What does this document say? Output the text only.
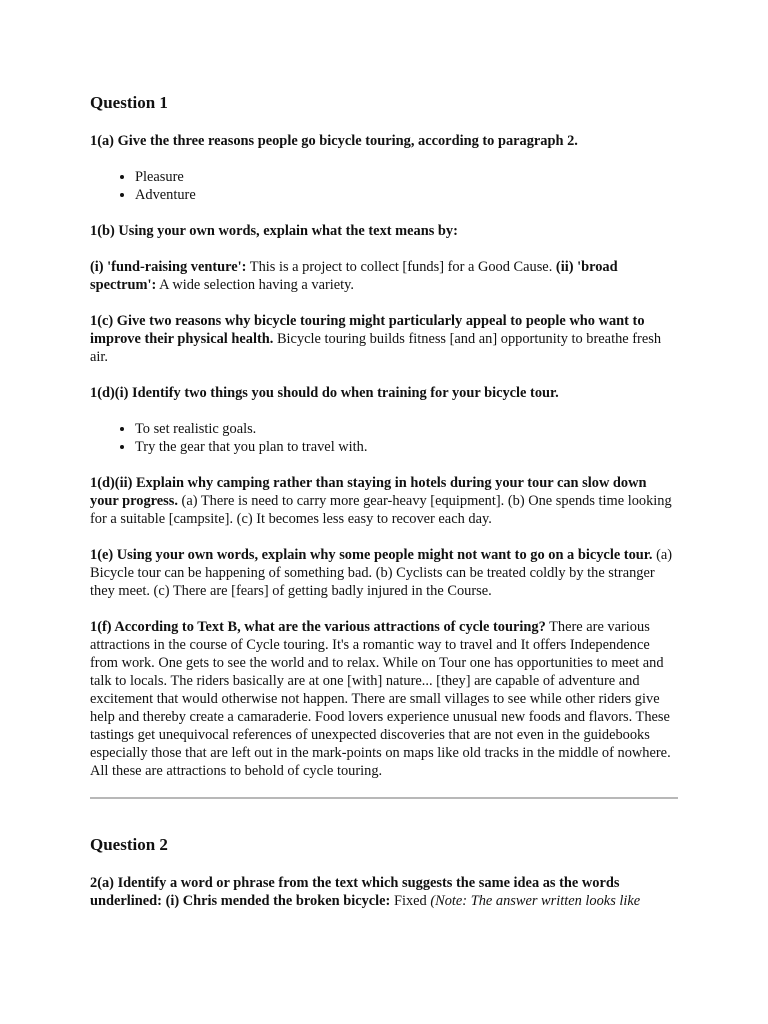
Question 1

1(a) Give the three reasons people go bicycle touring, according to paragraph 2.

• Pleasure
• Adventure

1(b) Using your own words, explain what the text means by:

(i) 'fund-raising venture': This is a project to collect [funds] for a Good Cause. (ii) 'broad spectrum': A wide selection having a variety.

1(c) Give two reasons why bicycle touring might particularly appeal to people who want to improve their physical health. Bicycle touring builds fitness [and an] opportunity to breathe fresh air.

1(d)(i) Identify two things you should do when training for your bicycle tour.

• To set realistic goals.
• Try the gear that you plan to travel with.

1(d)(ii) Explain why camping rather than staying in hotels during your tour can slow down your progress. (a) There is need to carry more gear-heavy [equipment]. (b) One spends time looking for a suitable [campsite]. (c) It becomes less easy to recover each day.

1(e) Using your own words, explain why some people might not want to go on a bicycle tour. (a) Bicycle tour can be happening of something bad. (b) Cyclists can be treated coldly by the stranger they meet. (c) There are [fears] of getting badly injured in the Course.

1(f) According to Text B, what are the various attractions of cycle touring? There are various attractions in the course of Cycle touring. It's a romantic way to travel and It offers Independence from work. One gets to see the world and to relax. While on Tour one has opportunities to meet and talk to locals. The riders basically are at one [with] nature... [they] are capable of adventure and excitement that would otherwise not happen. There are small villages to see while other riders give help and thereby create a camaraderie. Food lovers experience unusual new foods and flavors. These tastings get unequivocal references of unexpected discoveries that are not even in the guidebooks especially those that are left out in the mark-points on maps like old tracks in the middle of nowhere. All these are attractions to behold of cycle touring.

Question 2

2(a) Identify a word or phrase from the text which suggests the same idea as the words underlined: (i) Chris mended the broken bicycle: Fixed (Note: The answer written looks like
